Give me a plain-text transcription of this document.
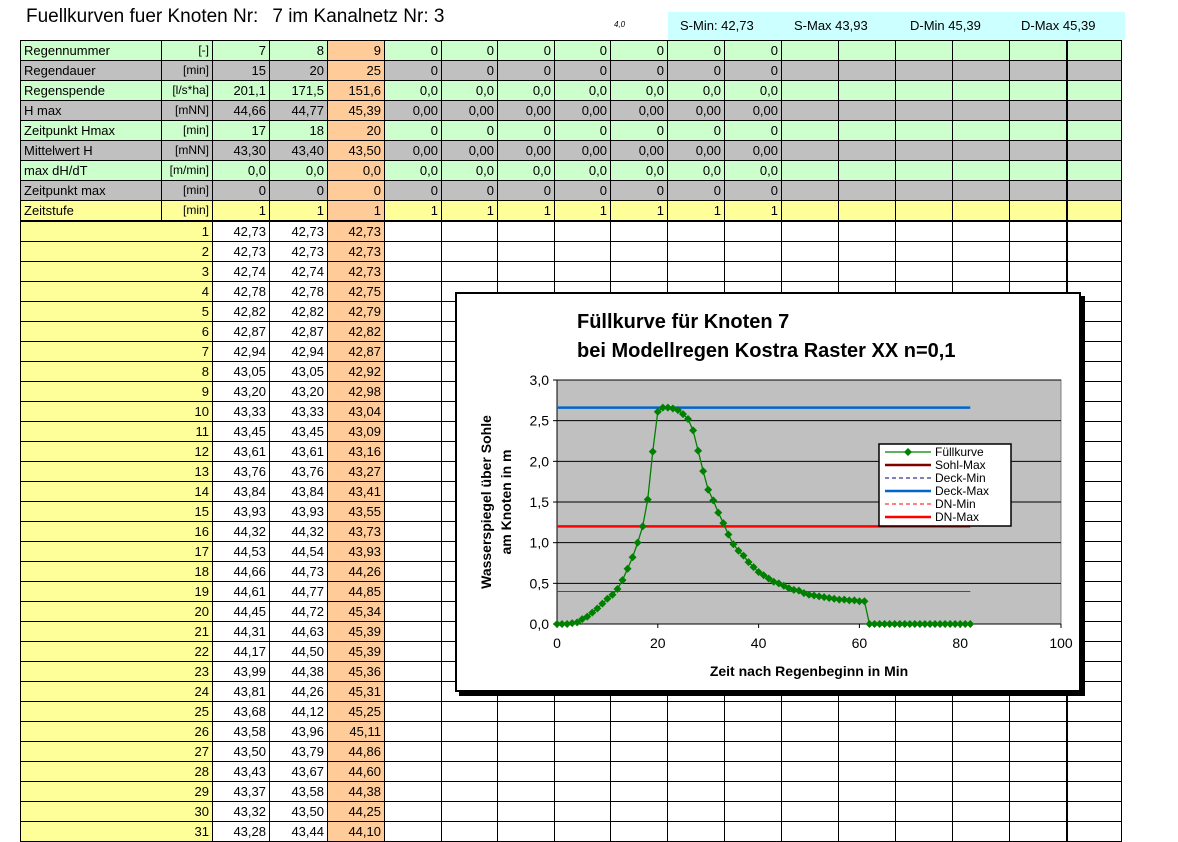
Fuellkurven fuer Knoten Nr: 7 im Kanalnetz Nr: 3	4,0	S-Min: 42,73	S-Max 43,93	D-Min 45,39	D-Max 45,39
Regennummer	[-]	7	8	9	0	0	0	0	0	0	0						
Regendauer	[min]	15	20	25	0	0	0	0	0	0	0						
Regenspende	[l/s*ha]	201,1	171,5	151,6	0,0	0,0	0,0	0,0	0,0	0,0	0,0						
H max	[mNN]	44,66	44,77	45,39	0,00	0,00	0,00	0,00	0,00	0,00	0,00						
Zeitpunkt Hmax	[min]	17	18	20	0	0	0	0	0	0	0						
Mittelwert H	[mNN]	43,30	43,40	43,50	0,00	0,00	0,00	0,00	0,00	0,00	0,00						
max dH/dT	[m/min]	0,0	0,0	0,0	0,0	0,0	0,0	0,0	0,0	0,0	0,0						
Zeitpunkt max	[min]	0	0	0	0	0	0	0	0	0	0						
Zeitstufe	[min]	1	1	1	1	1	1	1	1	1	1						
1		42,73	42,73	42,73													
2		42,73	42,73	42,73													
3		42,74	42,74	42,73													
4		42,78	42,78	42,75													
5		42,82	42,82	42,79													
6		42,87	42,87	42,82													
7		42,94	42,94	42,87													
8		43,05	43,05	42,92													
9		43,20	43,20	42,98													
10		43,33	43,33	43,04													
11		43,45	43,45	43,09													
12		43,61	43,61	43,16													
13		43,76	43,76	43,27													
14		43,84	43,84	43,41													
15		43,93	43,93	43,55													
16		44,32	44,32	43,73													
17		44,53	44,54	43,93													
18		44,66	44,73	44,26													
19		44,61	44,77	44,85													
20		44,45	44,72	45,34													
21		44,31	44,63	45,39													
22		44,17	44,50	45,39													
23		43,99	44,38	45,36													
24		43,81	44,26	45,31													
25		43,68	44,12	45,25													
26		43,58	43,96	45,11													
27		43,50	43,79	44,86													
28		43,43	43,67	44,60													
29		43,37	43,58	44,38													
30		43,32	43,50	44,25													
31		43,28	43,44	44,10													
Füllkurve für Knoten 7
bei Modellregen Kostra Raster XX n=0,1
0,0
0,5
1,0
1,5
2,0
2,5
3,0
0	20	40	60	80	100
Zeit nach Regenbeginn in Min
Wasserspiegel über Sohle am Knoten in m	Füllkurve
Sohl-Max
Deck-Min
Deck-Max
DN-Min
DN-Max
